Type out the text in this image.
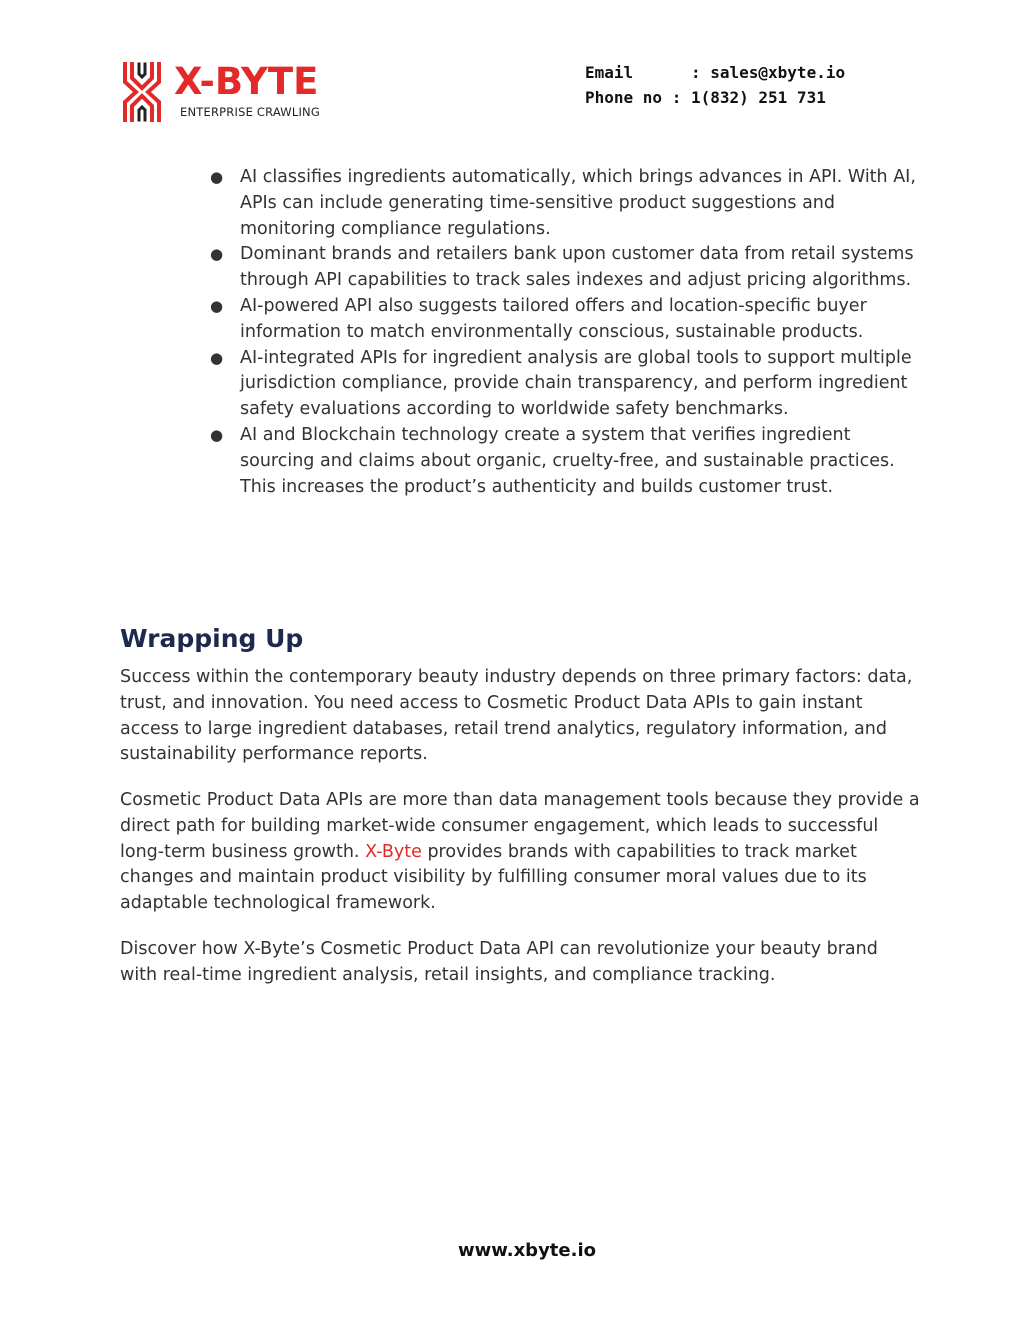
X-BYTE
ENTERPRISE CRAWLING
Email      : sales@xbyte.io
Phone no : 1(832) 251 731
● AI classifies ingredients automatically, which brings advances in API. With AI, APIs can include generating time-sensitive product suggestions and monitoring compliance regulations.
● Dominant brands and retailers bank upon customer data from retail systems through API capabilities to track sales indexes and adjust pricing algorithms.
● AI-powered API also suggests tailored offers and location-specific buyer information to match environmentally conscious, sustainable products.
● AI-integrated APIs for ingredient analysis are global tools to support multiple jurisdiction compliance, provide chain transparency, and perform ingredient safety evaluations according to worldwide safety benchmarks.
● AI and Blockchain technology create a system that verifies ingredient sourcing and claims about organic, cruelty-free, and sustainable practices. This increases the product’s authenticity and builds customer trust.
Wrapping Up

Success within the contemporary beauty industry depends on three primary factors: data, trust, and innovation. You need access to Cosmetic Product Data APIs to gain instant access to large ingredient databases, retail trend analytics, regulatory information, and sustainability performance reports.

Cosmetic Product Data APIs are more than data management tools because they provide a direct path for building market-wide consumer engagement, which leads to successful long-term business growth. X-Byte provides brands with capabilities to track market changes and maintain product visibility by fulfilling consumer moral values due to its adaptable technological framework.

Discover how X-Byte’s Cosmetic Product Data API can revolutionize your beauty brand with real-time ingredient analysis, retail insights, and compliance tracking.

www.xbyte.io
